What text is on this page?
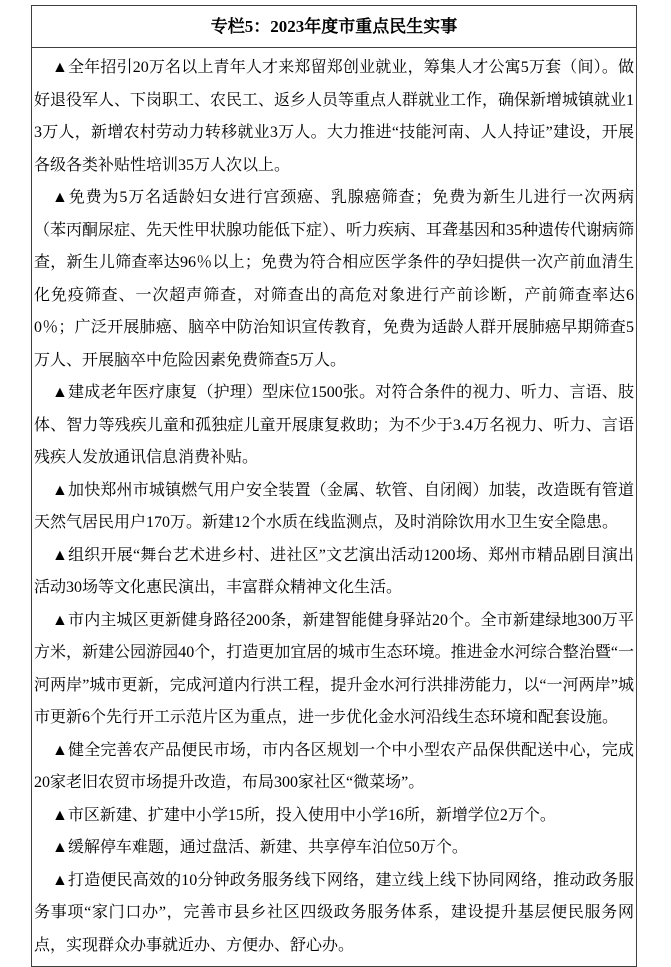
专栏5：2023年度市重点民生实事

▲全年招引20万名以上青年人才来郑留郑创业就业，筹集人才公寓5万套（间）。做好退役军人、下岗职工、农民工、返乡人员等重点人群就业工作，确保新增城镇就业13万人，新增农村劳动力转移就业3万人。大力推进“技能河南、人人持证”建设，开展各级各类补贴性培训35万人次以上。

▲免费为5万名适龄妇女进行宫颈癌、乳腺癌筛查；免费为新生儿进行一次两病（苯丙酮尿症、先天性甲状腺功能低下症）、听力疾病、耳聋基因和35种遗传代谢病筛查，新生儿筛查率达96％以上；免费为符合相应医学条件的孕妇提供一次产前血清生化免疫筛查、一次超声筛查，对筛查出的高危对象进行产前诊断，产前筛查率达60％；广泛开展肺癌、脑卒中防治知识宣传教育，免费为适龄人群开展肺癌早期筛查5万人、开展脑卒中危险因素免费筛查5万人。

▲建成老年医疗康复（护理）型床位1500张。对符合条件的视力、听力、言语、肢体、智力等残疾儿童和孤独症儿童开展康复救助；为不少于3.4万名视力、听力、言语残疾人发放通讯信息消费补贴。

▲加快郑州市城镇燃气用户安全装置（金属、软管、自闭阀）加装，改造既有管道天然气居民用户170万。新建12个水质在线监测点，及时消除饮用水卫生安全隐患。

▲组织开展“舞台艺术进乡村、进社区”文艺演出活动1200场、郑州市精品剧目演出活动30场等文化惠民演出，丰富群众精神文化生活。

▲市内主城区更新健身路径200条，新建智能健身驿站20个。全市新建绿地300万平方米，新建公园游园40个，打造更加宜居的城市生态环境。推进金水河综合整治暨“一河两岸”城市更新，完成河道内行洪工程，提升金水河行洪排涝能力，以“一河两岸”城市更新6个先行开工示范片区为重点，进一步优化金水河沿线生态环境和配套设施。

▲健全完善农产品便民市场，市内各区规划一个中小型农产品保供配送中心，完成20家老旧农贸市场提升改造，布局300家社区“微菜场”。

▲市区新建、扩建中小学15所，投入使用中小学16所，新增学位2万个。

▲缓解停车难题，通过盘活、新建、共享停车泊位50万个。

▲打造便民高效的10分钟政务服务线下网络，建立线上线下协同网络，推动政务服务事项“家门口办”，完善市县乡社区四级政务服务体系，建设提升基层便民服务网点，实现群众办事就近办、方便办、舒心办。
